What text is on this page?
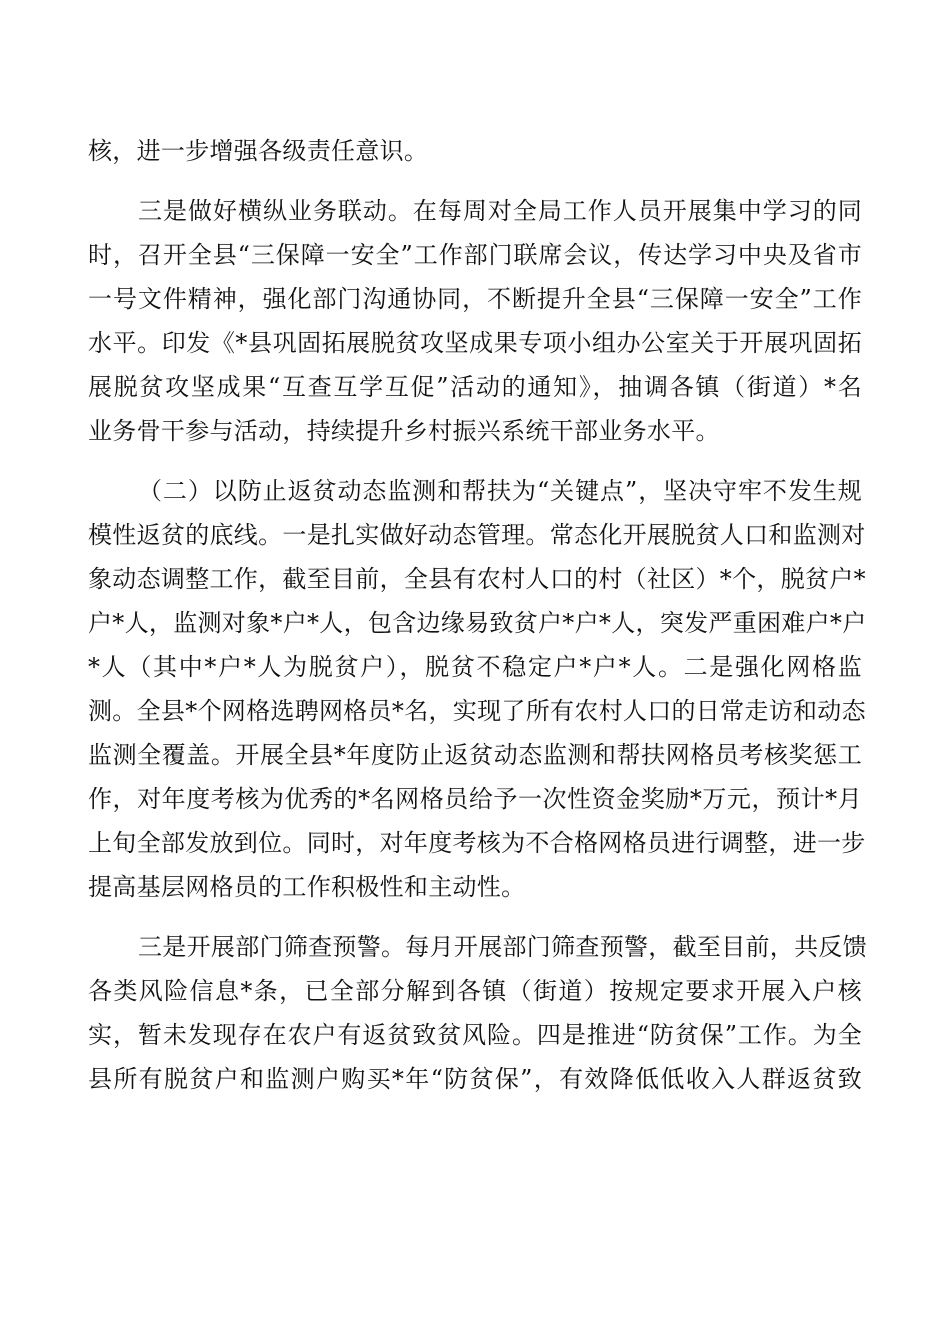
核，进一步增强各级责任意识。
三是做好横纵业务联动。在每周对全局工作人员开展集中学习的同
时，召开全县“三保障一安全”工作部门联席会议，传达学习中央及省市
一号文件精神，强化部门沟通协同，不断提升全县“三保障一安全”工作
水平。印发《*县巩固拓展脱贫攻坚成果专项小组办公室关于开展巩固拓
展脱贫攻坚成果“互查互学互促”活动的通知》，抽调各镇（街道）*名
业务骨干参与活动，持续提升乡村振兴系统干部业务水平。
（二）以防止返贫动态监测和帮扶为“关键点”，坚决守牢不发生规
模性返贫的底线。一是扎实做好动态管理。常态化开展脱贫人口和监测对
象动态调整工作，截至目前，全县有农村人口的村（社区）*个，脱贫户*
户*人，监测对象*户*人，包含边缘易致贫户*户*人，突发严重困难户*户
*人（其中*户*人为脱贫户），脱贫不稳定户*户*人。二是强化网格监
测。全县*个网格选聘网格员*名，实现了所有农村人口的日常走访和动态
监测全覆盖。开展全县*年度防止返贫动态监测和帮扶网格员考核奖惩工
作，对年度考核为优秀的*名网格员给予一次性资金奖励*万元，预计*月
上旬全部发放到位。同时，对年度考核为不合格网格员进行调整，进一步
提高基层网格员的工作积极性和主动性。
三是开展部门筛查预警。每月开展部门筛查预警，截至目前，共反馈
各类风险信息*条，已全部分解到各镇（街道）按规定要求开展入户核
实，暂未发现存在农户有返贫致贫风险。四是推进“防贫保”工作。为全
县所有脱贫户和监测户购买*年“防贫保”，有效降低低收入人群返贫致
